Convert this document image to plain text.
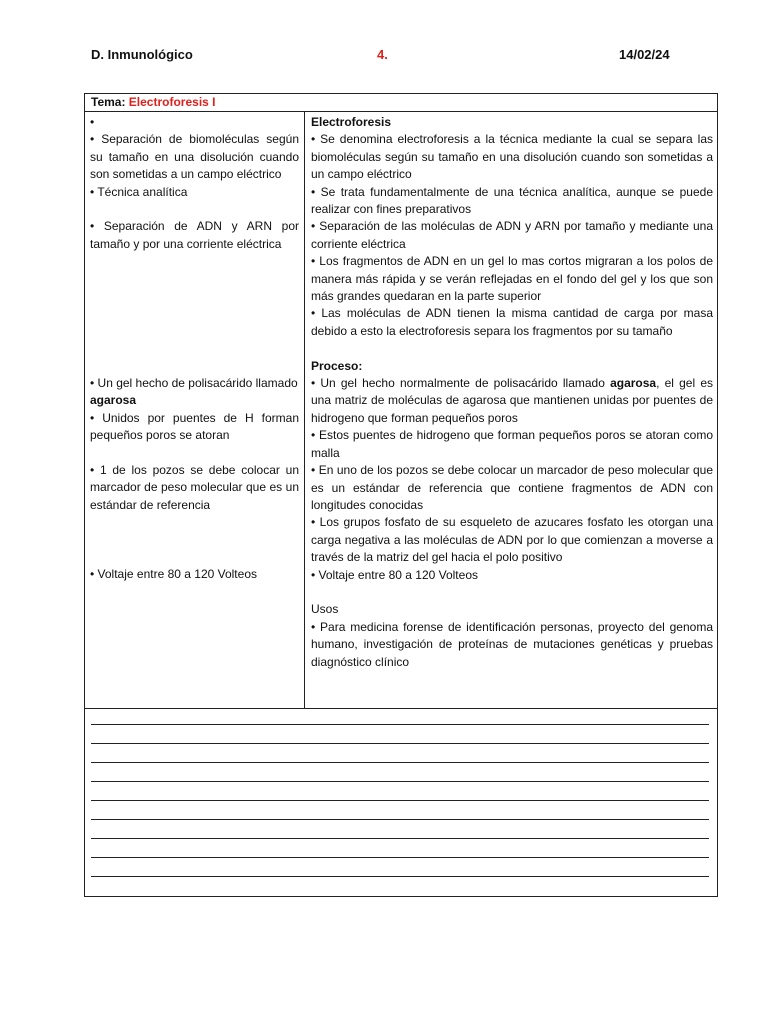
D. Inmunológico	4.	14/02/24
Tema: Electroforesis I

•

• Separación de biomoléculas según su tamaño en una disolución cuando son sometidas a un campo eléctrico

• Técnica analítica

• Separación de ADN y ARN por tamaño y por una corriente eléctrica

• Un gel hecho de polisacárido llamado agarosa

• Unidos por puentes de H forman pequeños poros se atoran

• 1 de los pozos se debe colocar un marcador de peso molecular que es un estándar de referencia

• Voltaje entre 80 a 120 Volteos

Electroforesis

• Se denomina electroforesis a la técnica mediante la cual se separa las biomoléculas según su tamaño en una disolución cuando son sometidas a un campo eléctrico

• Se trata fundamentalmente de una técnica analítica, aunque se puede realizar con fines preparativos

• Separación de las moléculas de ADN y ARN por tamaño y mediante una corriente eléctrica

• Los fragmentos de ADN en un gel lo mas cortos migraran a los polos de manera más rápida y se verán reflejadas en el fondo del gel y los que son más grandes quedaran en la parte superior

• Las moléculas de ADN tienen la misma cantidad de carga por masa debido a esto la electroforesis separa los fragmentos por su tamaño

Proceso:

• Un gel hecho normalmente de polisacárido llamado agarosa, el gel es una matriz de moléculas de agarosa que mantienen unidas por puentes de hidrogeno que forman pequeños poros

• Estos puentes de hidrogeno que forman pequeños poros se atoran como malla

• En uno de los pozos se debe colocar un marcador de peso molecular que es un estándar de referencia que contiene fragmentos de ADN con longitudes conocidas

• Los grupos fosfato de su esqueleto de azucares fosfato les otorgan una carga negativa a las moléculas de ADN por lo que comienzan a moverse a través de la matriz del gel hacia el polo positivo

• Voltaje entre 80 a 120 Volteos

Usos

• Para medicina forense de identificación personas, proyecto del genoma humano, investigación de proteínas de mutaciones genéticas y pruebas diagnóstico clínico
